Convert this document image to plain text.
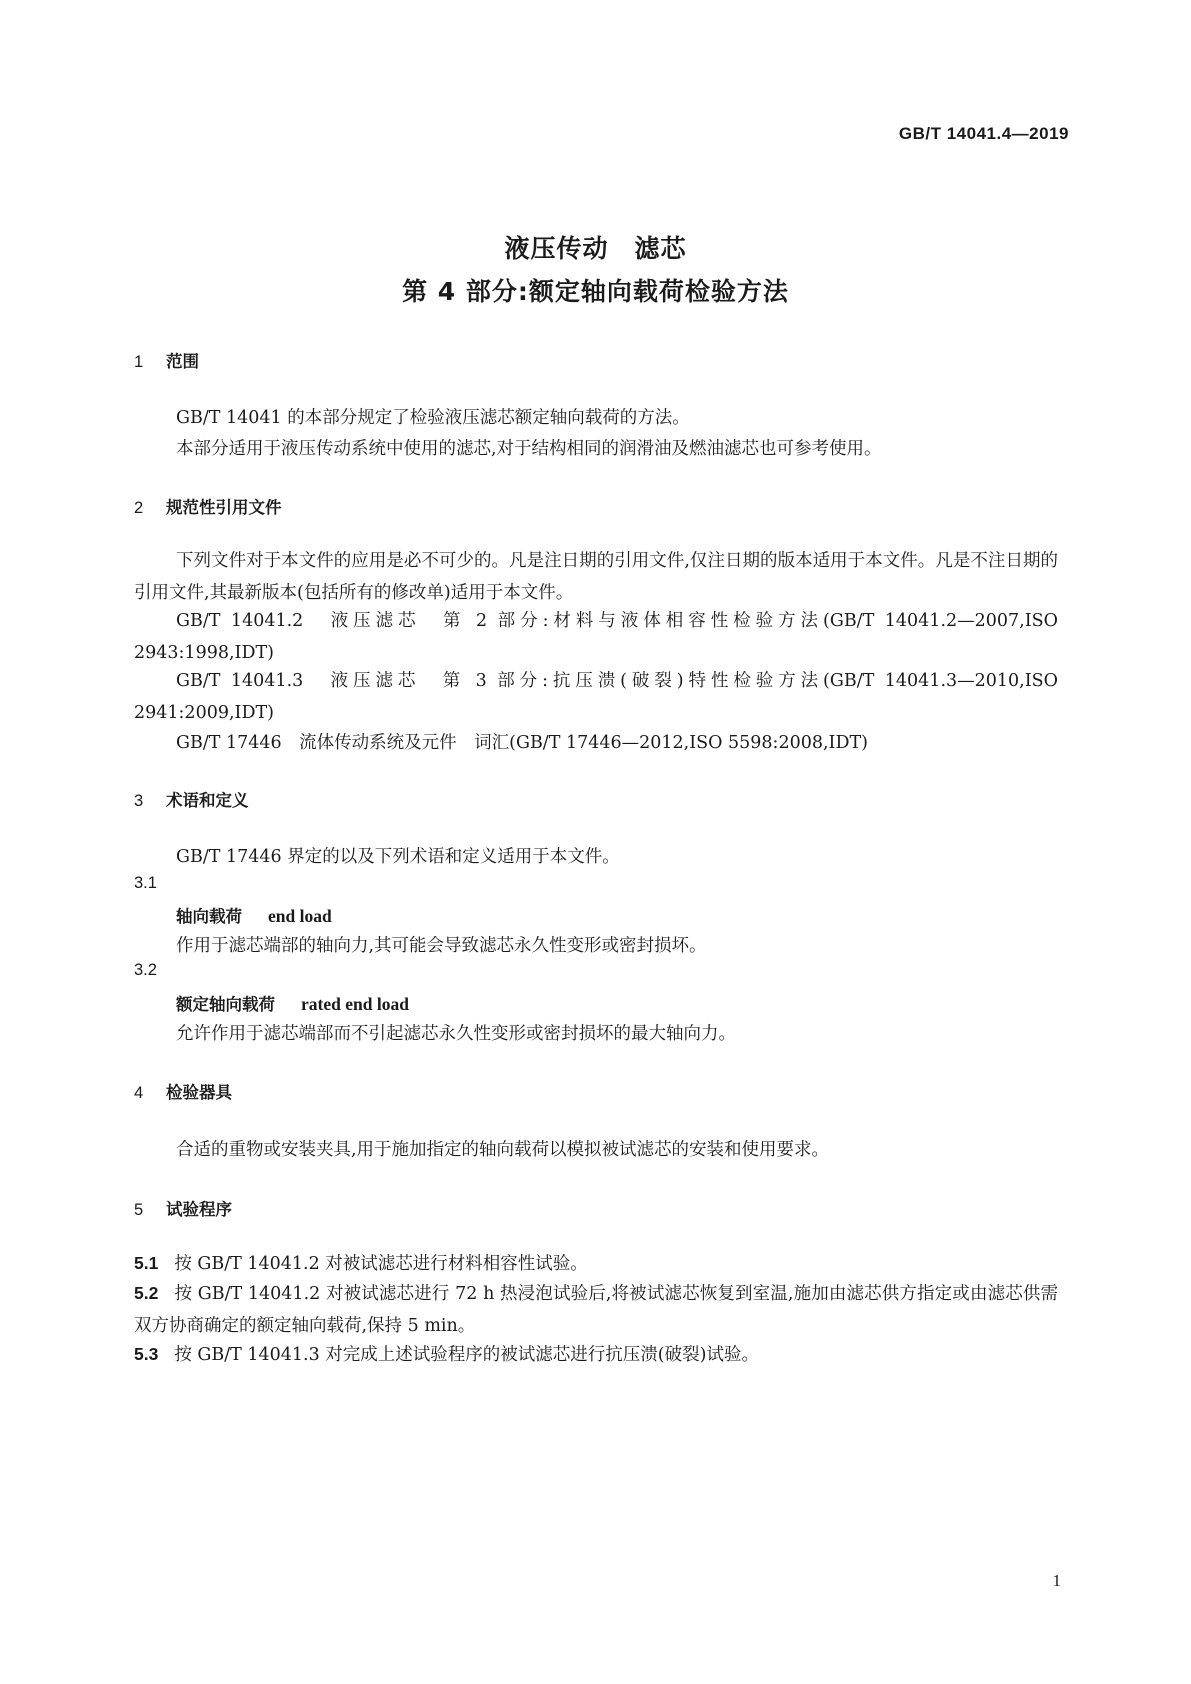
GB/T 14041.4—2019
液压传动　滤芯
第 4 部分:额定轴向载荷检验方法
1 范围
GB/T 14041 的本部分规定了检验液压滤芯额定轴向载荷的方法。
本部分适用于液压传动系统中使用的滤芯,对于结构相同的润滑油及燃油滤芯也可参考使用。
2 规范性引用文件
下列文件对于本文件的应用是必不可少的。凡是注日期的引用文件,仅注日期的版本适用于本文件。凡是不注日期的引用文件,其最新版本(包括所有的修改单)适用于本文件。
GB/T 14041.2　液压滤芯　第 2 部分:材料与液体相容性检验方法(GB/T 14041.2—2007,ISO 2943:1998,IDT)
GB/T 14041.3　液压滤芯　第 3 部分:抗压溃(破裂)特性检验方法(GB/T 14041.3—2010,ISO 2941:2009,IDT)
GB/T 17446　流体传动系统及元件　词汇(GB/T 17446—2012,ISO 5598:2008,IDT)
3 术语和定义
GB/T 17446 界定的以及下列术语和定义适用于本文件。
3.1
轴向载荷 end load
作用于滤芯端部的轴向力,其可能会导致滤芯永久性变形或密封损坏。
3.2
额定轴向载荷 rated end load
允许作用于滤芯端部而不引起滤芯永久性变形或密封损坏的最大轴向力。
4 检验器具
合适的重物或安装夹具,用于施加指定的轴向载荷以模拟被试滤芯的安装和使用要求。
5 试验程序
5.1 按 GB/T 14041.2 对被试滤芯进行材料相容性试验。
5.2 按 GB/T 14041.2 对被试滤芯进行 72 h 热浸泡试验后,将被试滤芯恢复到室温,施加由滤芯供方指定或由滤芯供需双方协商确定的额定轴向载荷,保持 5 min。
5.3 按 GB/T 14041.3 对完成上述试验程序的被试滤芯进行抗压溃(破裂)试验。
1
